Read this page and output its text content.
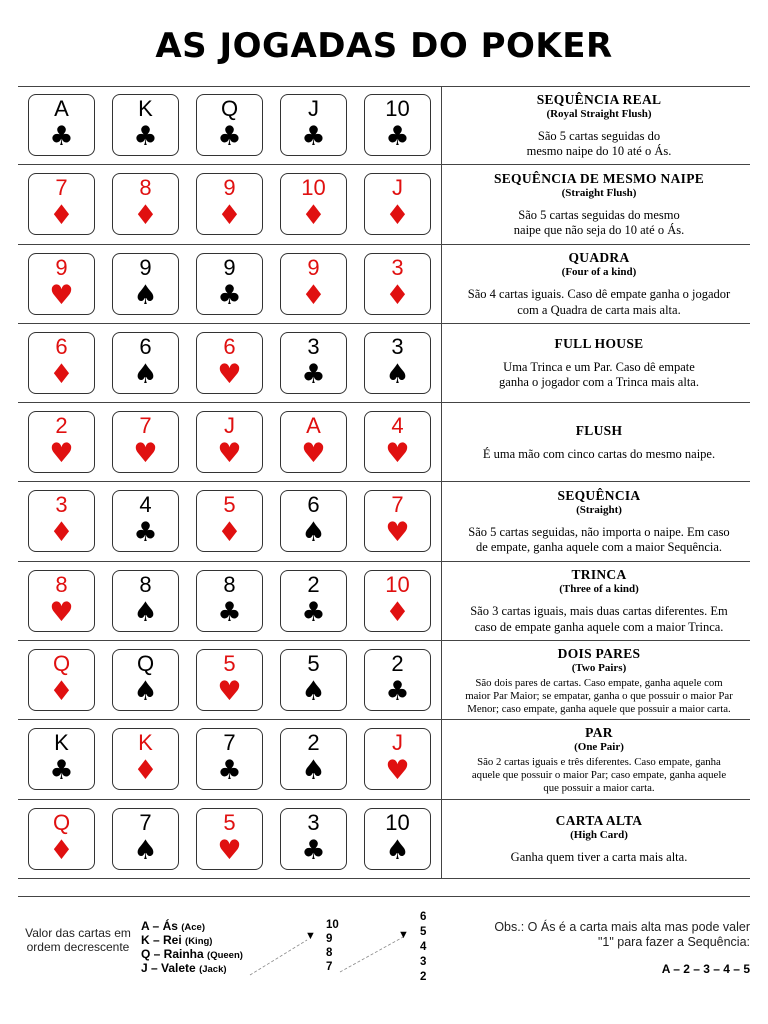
AS JOGADAS DO POKER
A
♣
K
♣
Q
♣
J
♣
10
♣
SEQUÊNCIA REAL
(Royal Straight Flush)
São 5 cartas seguidas do
mesmo naipe do 10 até o Ás.
7
♦
8
♦
9
♦
10
♦
J
♦
SEQUÊNCIA DE MESMO NAIPE
(Straight Flush)
São 5 cartas seguidas do mesmo
naipe que não seja do 10 até o Ás.
9
♥
9
♠
9
♣
9
♦
3
♦
QUADRA
(Four of a kind)
São 4 cartas iguais. Caso dê empate ganha o jogador
com a Quadra de carta mais alta.
6
♦
6
♠
6
♥
3
♣
3
♠
FULL HOUSE
Uma Trinca e um Par. Caso dê empate
ganha o jogador com a Trinca mais alta.
2
♥
7
♥
J
♥
A
♥
4
♥
FLUSH
É uma mão com cinco cartas do mesmo naipe.
3
♦
4
♣
5
♦
6
♠
7
♥
SEQUÊNCIA
(Straight)
São 5 cartas seguidas, não importa o naipe. Em caso
de empate, ganha aquele com a maior Sequência.
8
♥
8
♠
8
♣
2
♣
10
♦
TRINCA
(Three of a kind)
São 3 cartas iguais, mais duas cartas diferentes. Em
caso de empate ganha aquele com a maior Trinca.
Q
♦
Q
♠
5
♥
5
♠
2
♣
DOIS PARES
(Two Pairs)
São dois pares de cartas. Caso empate, ganha aquele com
maior Par Maior; se empatar, ganha o que possuir o maior Par
Menor; caso empate, ganha aquele que possuir a maior carta.
K
♣
K
♦
7
♣
2
♠
J
♥
PAR
(One Pair)
São 2 cartas iguais e três diferentes. Caso empate, ganha
aquele que possuir o maior Par; caso empate, ganha aquele
que possuir a maior carta.
Q
♦
7
♠
5
♥
3
♣
10
♠
CARTA ALTA
(High Card)
Ganha quem tiver a carta mais alta.
Valor das cartas em ordem decrescente
A – Ás (Ace)
K – Rei (King)
Q – Rainha (Queen)
J – Valete (Jack)
▼
10
9
8
7
▼
6
5
4
3
2
Obs.: O Ás é a carta mais alta mas pode valer "1" para fazer a Sequência:
A – 2 – 3 – 4 – 5
